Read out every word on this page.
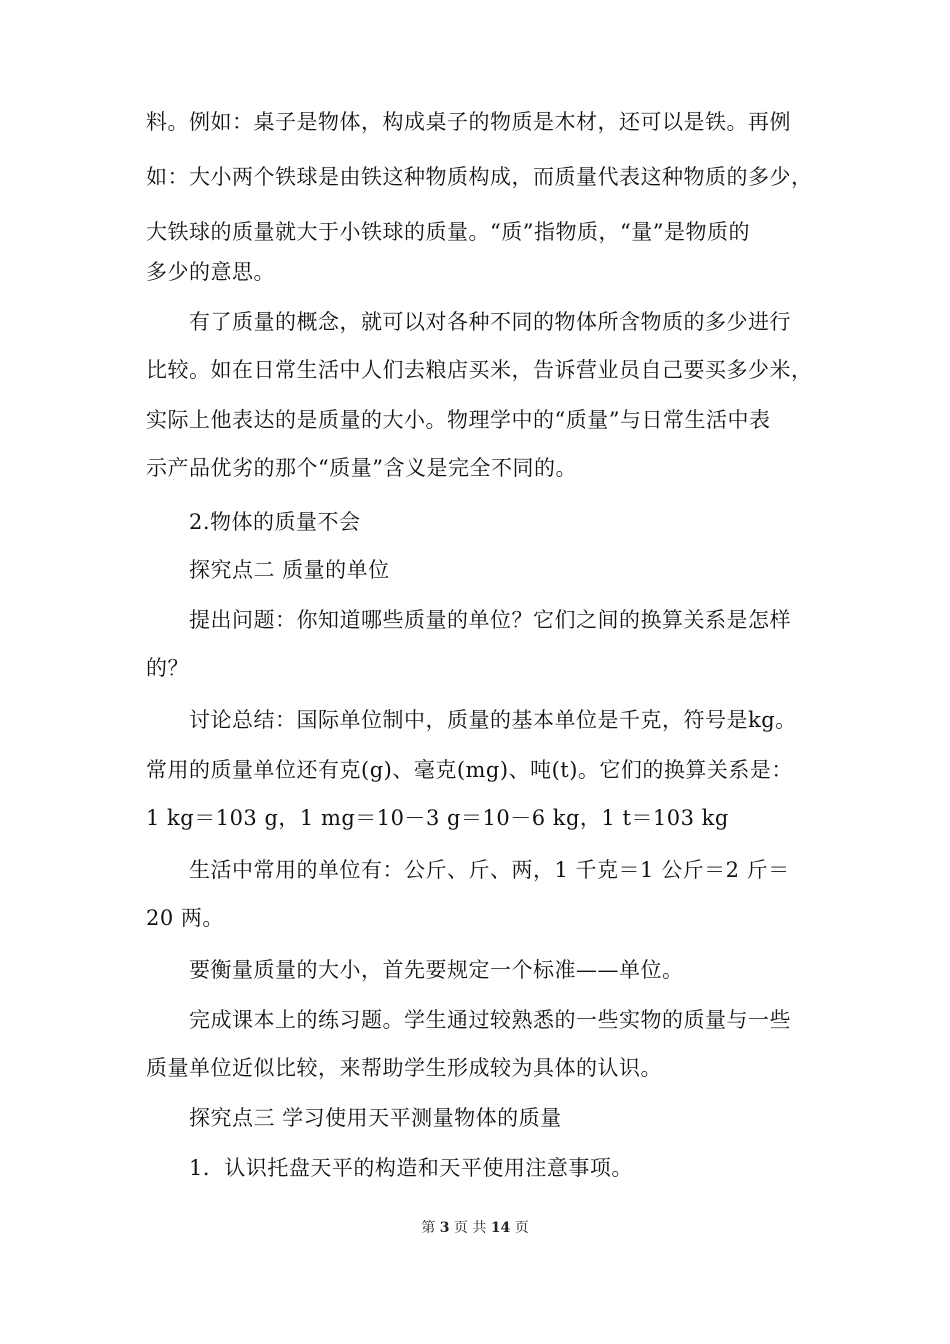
料。例如：桌子是物体，构成桌子的物质是木材，还可以是铁。再例
如：大小两个铁球是由铁这种物质构成，而质量代表这种物质的多少，
大铁球的质量就大于小铁球的质量。“质”指物质，“量”是物质的
多少的意思。
有了质量的概念，就可以对各种不同的物体所含物质的多少进行
比较。如在日常生活中人们去粮店买米，告诉营业员自己要买多少米，
实际上他表达的是质量的大小。物理学中的“质量”与日常生活中表
示产品优劣的那个“质量”含义是完全不同的。
2.物体的质量不会
探究点二 质量的单位
提出问题：你知道哪些质量的单位？它们之间的换算关系是怎样
的？
讨论总结：国际单位制中，质量的基本单位是千克，符号是kg。
常用的质量单位还有克(g)、毫克(mg)、吨(t)。它们的换算关系是：
1 kg＝103 g，1 mg＝10－3 g＝10－6 kg，1 t＝103 kg
生活中常用的单位有：公斤、斤、两，1 千克＝1 公斤＝2 斤＝
20 两。
要衡量质量的大小，首先要规定一个标准——单位。
完成课本上的练习题。学生通过较熟悉的一些实物的质量与一些
质量单位近似比较，来帮助学生形成较为具体的认识。
探究点三 学习使用天平测量物体的质量
1．认识托盘天平的构造和天平使用注意事项。
第 3 页 共 14 页
